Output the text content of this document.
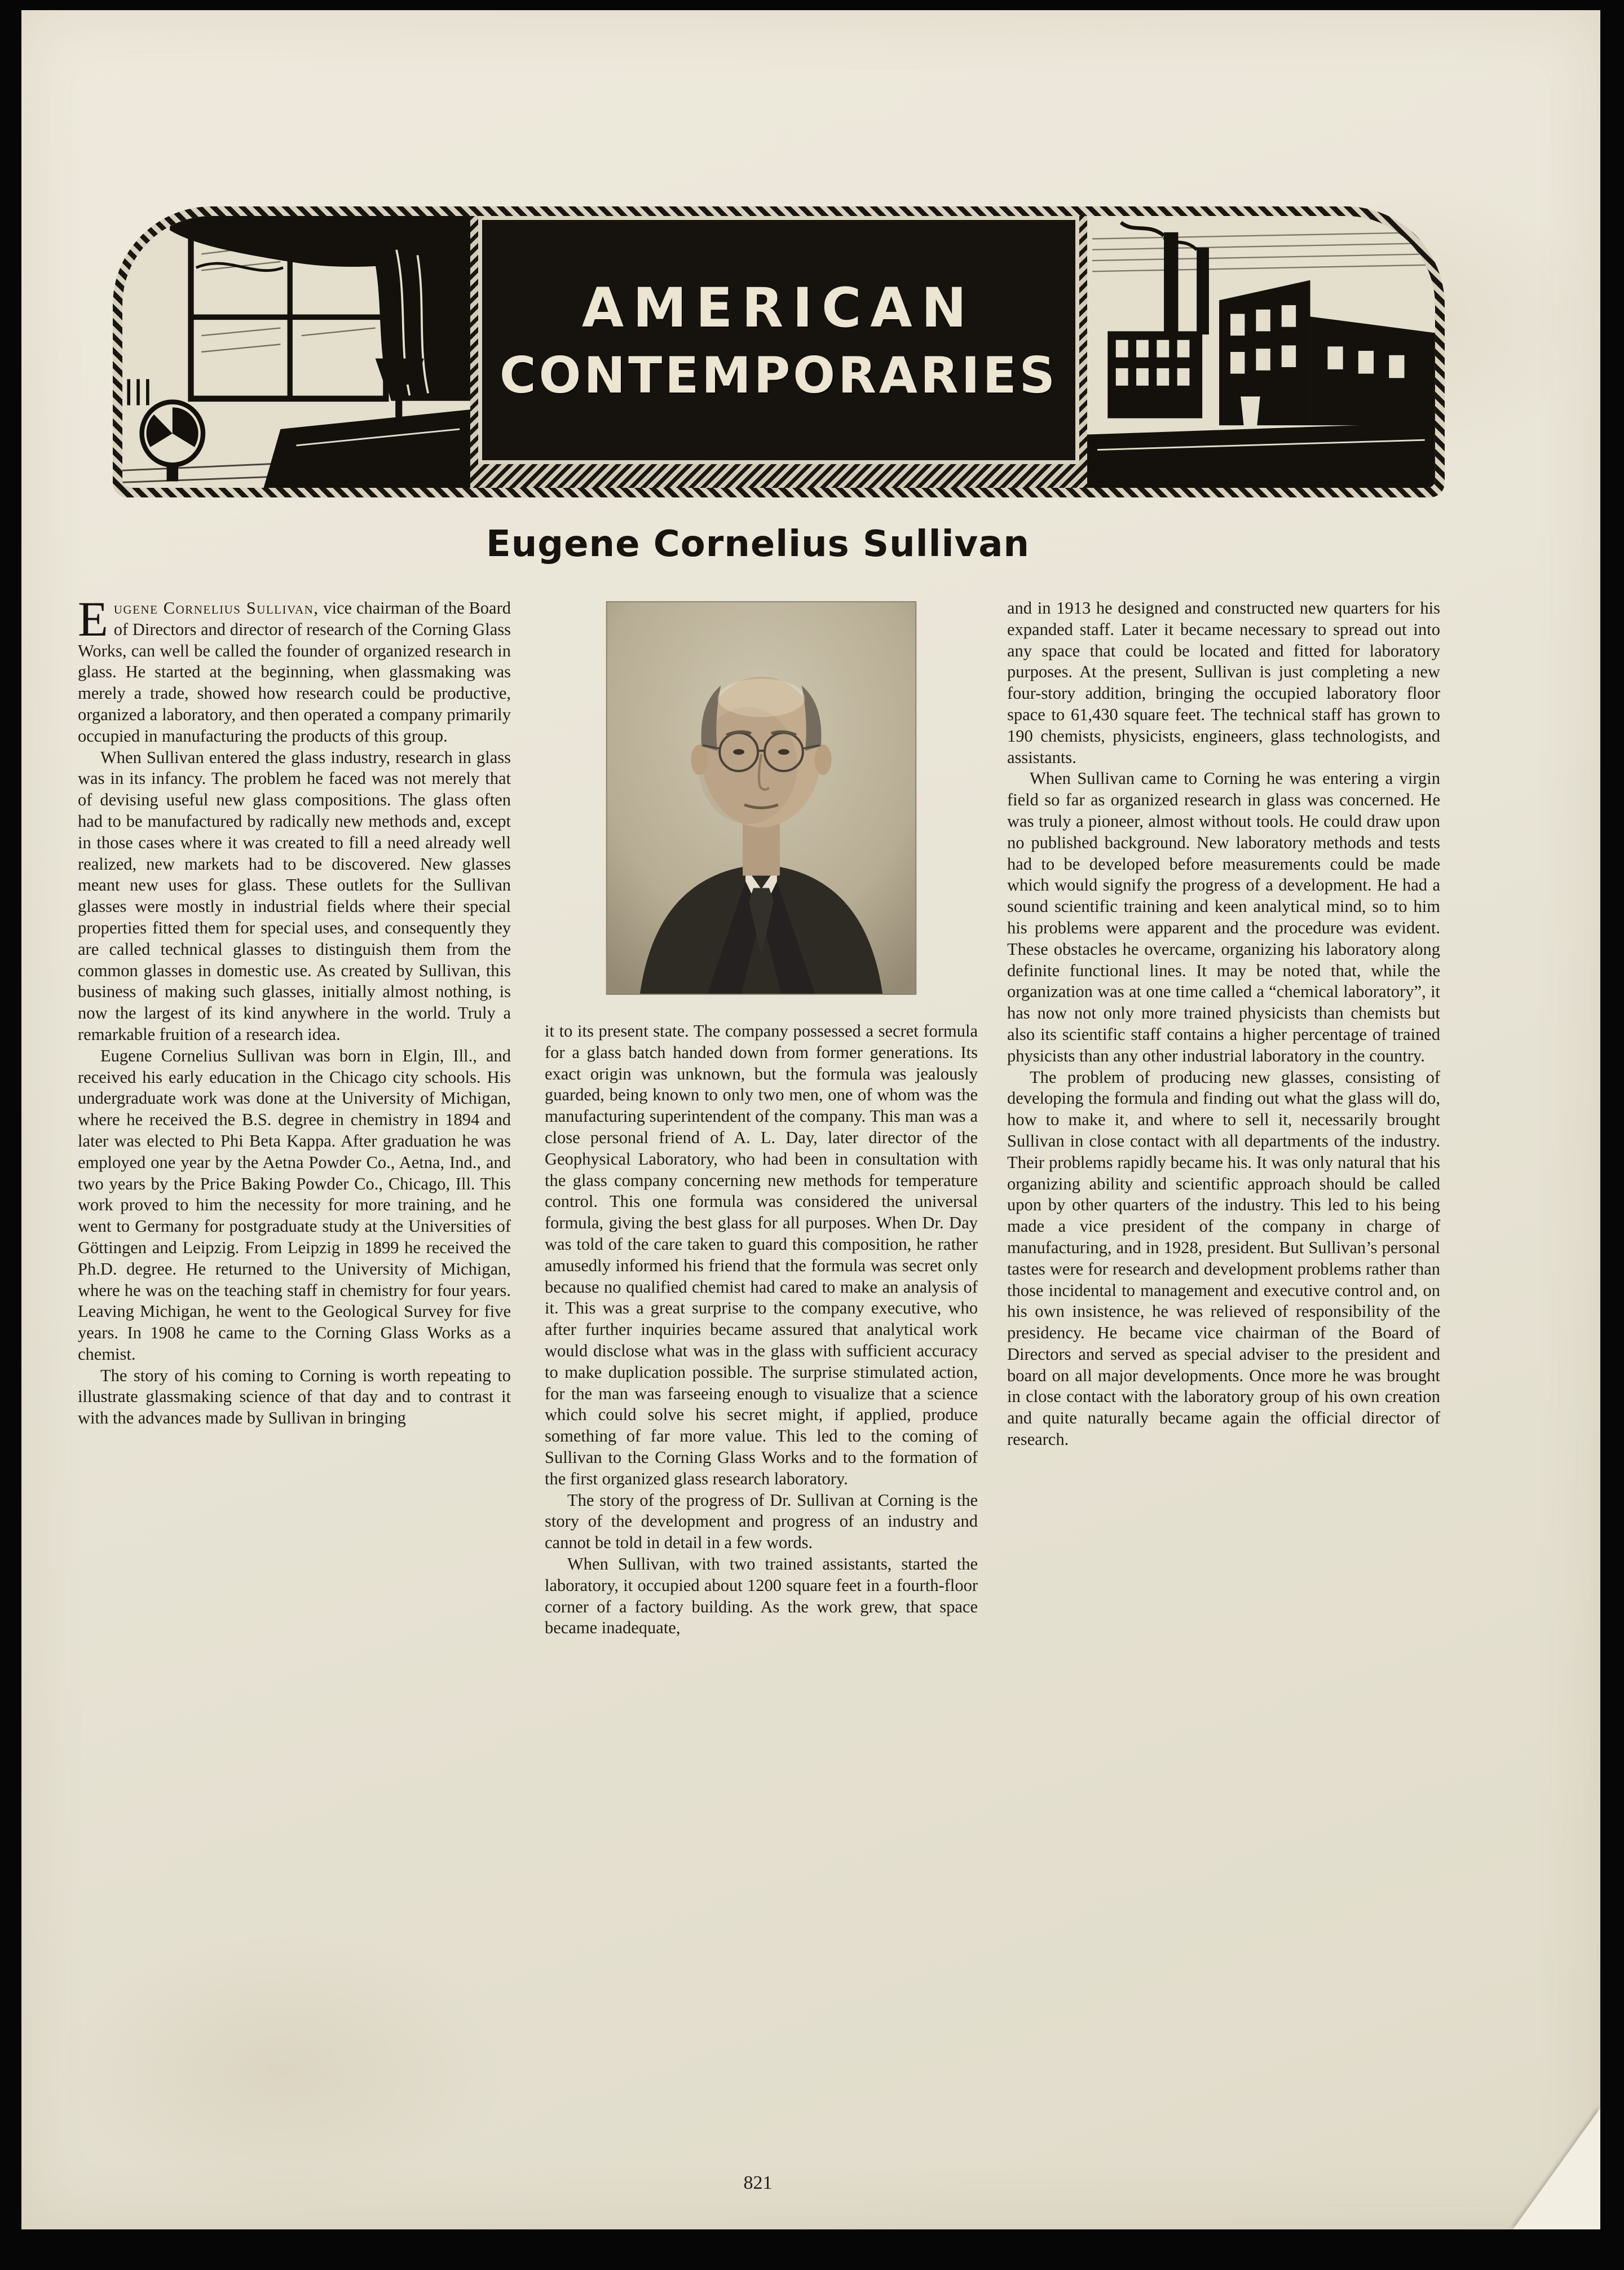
AMERICAN
CONTEMPORARIES
Eugene Cornelius Sullivan

Eugene Cornelius Sullivan, vice chairman of the Board of Directors and director of research of the Corning Glass Works, can well be called the founder of organized research in glass. He started at the beginning, when glassmaking was merely a trade, showed how research could be productive, organized a laboratory, and then operated a company primarily occupied in manufacturing the products of this group.

When Sullivan entered the glass industry, research in glass was in its infancy. The problem he faced was not merely that of devising useful new glass compositions. The glass often had to be manufactured by radically new methods and, except in those cases where it was created to fill a need already well realized, new markets had to be discovered. New glasses meant new uses for glass. These outlets for the Sullivan glasses were mostly in industrial fields where their special properties fitted them for special uses, and consequently they are called technical glasses to distinguish them from the common glasses in domestic use. As created by Sullivan, this business of making such glasses, initially almost nothing, is now the largest of its kind anywhere in the world. Truly a remarkable fruition of a research idea.

Eugene Cornelius Sullivan was born in Elgin, Ill., and received his early education in the Chicago city schools. His undergraduate work was done at the University of Michigan, where he received the B.S. degree in chemistry in 1894 and later was elected to Phi Beta Kappa. After graduation he was employed one year by the Aetna Powder Co., Aetna, Ind., and two years by the Price Baking Powder Co., Chicago, Ill. This work proved to him the necessity for more training, and he went to Germany for postgraduate study at the Universities of Göttingen and Leipzig. From Leipzig in 1899 he received the Ph.D. degree. He returned to the University of Michigan, where he was on the teaching staff in chemistry for four years. Leaving Michigan, he went to the Geological Survey for five years. In 1908 he came to the Corning Glass Works as a chemist.

The story of his coming to Corning is worth repeating to illustrate glassmaking science of that day and to contrast it with the advances made by Sullivan in bringing

it to its present state. The company possessed a secret formula for a glass batch handed down from former generations. Its exact origin was unknown, but the formula was jealously guarded, being known to only two men, one of whom was the manufacturing superintendent of the company. This man was a close personal friend of A. L. Day, later director of the Geophysical Laboratory, who had been in consultation with the glass company concerning new methods for temperature control. This one formula was considered the universal formula, giving the best glass for all purposes. When Dr. Day was told of the care taken to guard this composition, he rather amusedly informed his friend that the formula was secret only because no qualified chemist had cared to make an analysis of it. This was a great surprise to the company executive, who after further inquiries became assured that analytical work would disclose what was in the glass with sufficient accuracy to make duplication possible. The surprise stimulated action, for the man was farseeing enough to visualize that a science which could solve his secret might, if applied, produce something of far more value. This led to the coming of Sullivan to the Corning Glass Works and to the formation of the first organized glass research laboratory.

The story of the progress of Dr. Sullivan at Corning is the story of the development and progress of an industry and cannot be told in detail in a few words.

When Sullivan, with two trained assistants, started the laboratory, it occupied about 1200 square feet in a fourth-floor corner of a factory building. As the work grew, that space became inadequate,

and in 1913 he designed and constructed new quarters for his expanded staff. Later it became necessary to spread out into any space that could be located and fitted for laboratory purposes. At the present, Sullivan is just completing a new four-story addition, bringing the occupied laboratory floor space to 61,430 square feet. The technical staff has grown to 190 chemists, physicists, engineers, glass technologists, and assistants.

When Sullivan came to Corning he was entering a virgin field so far as organized research in glass was concerned. He was truly a pioneer, almost without tools. He could draw upon no published background. New laboratory methods and tests had to be developed before measurements could be made which would signify the progress of a development. He had a sound scientific training and keen analytical mind, so to him his problems were apparent and the procedure was evident. These obstacles he overcame, organizing his laboratory along definite functional lines. It may be noted that, while the organization was at one time called a “chemical laboratory”, it has now not only more trained physicists than chemists but also its scientific staff contains a higher percentage of trained physicists than any other industrial laboratory in the country.

The problem of producing new glasses, consisting of developing the formula and finding out what the glass will do, how to make it, and where to sell it, necessarily brought Sullivan in close contact with all departments of the industry. Their problems rapidly became his. It was only natural that his organizing ability and scientific approach should be called upon by other quarters of the industry. This led to his being made a vice president of the company in charge of manufacturing, and in 1928, president. But Sullivan’s personal tastes were for research and development problems rather than those incidental to management and executive control and, on his own insistence, he was relieved of responsibility of the presidency. He became vice chairman of the Board of Directors and served as special adviser to the president and board on all major developments. Once more he was brought in close contact with the laboratory group of his own creation and quite naturally became again the official director of research.

821
